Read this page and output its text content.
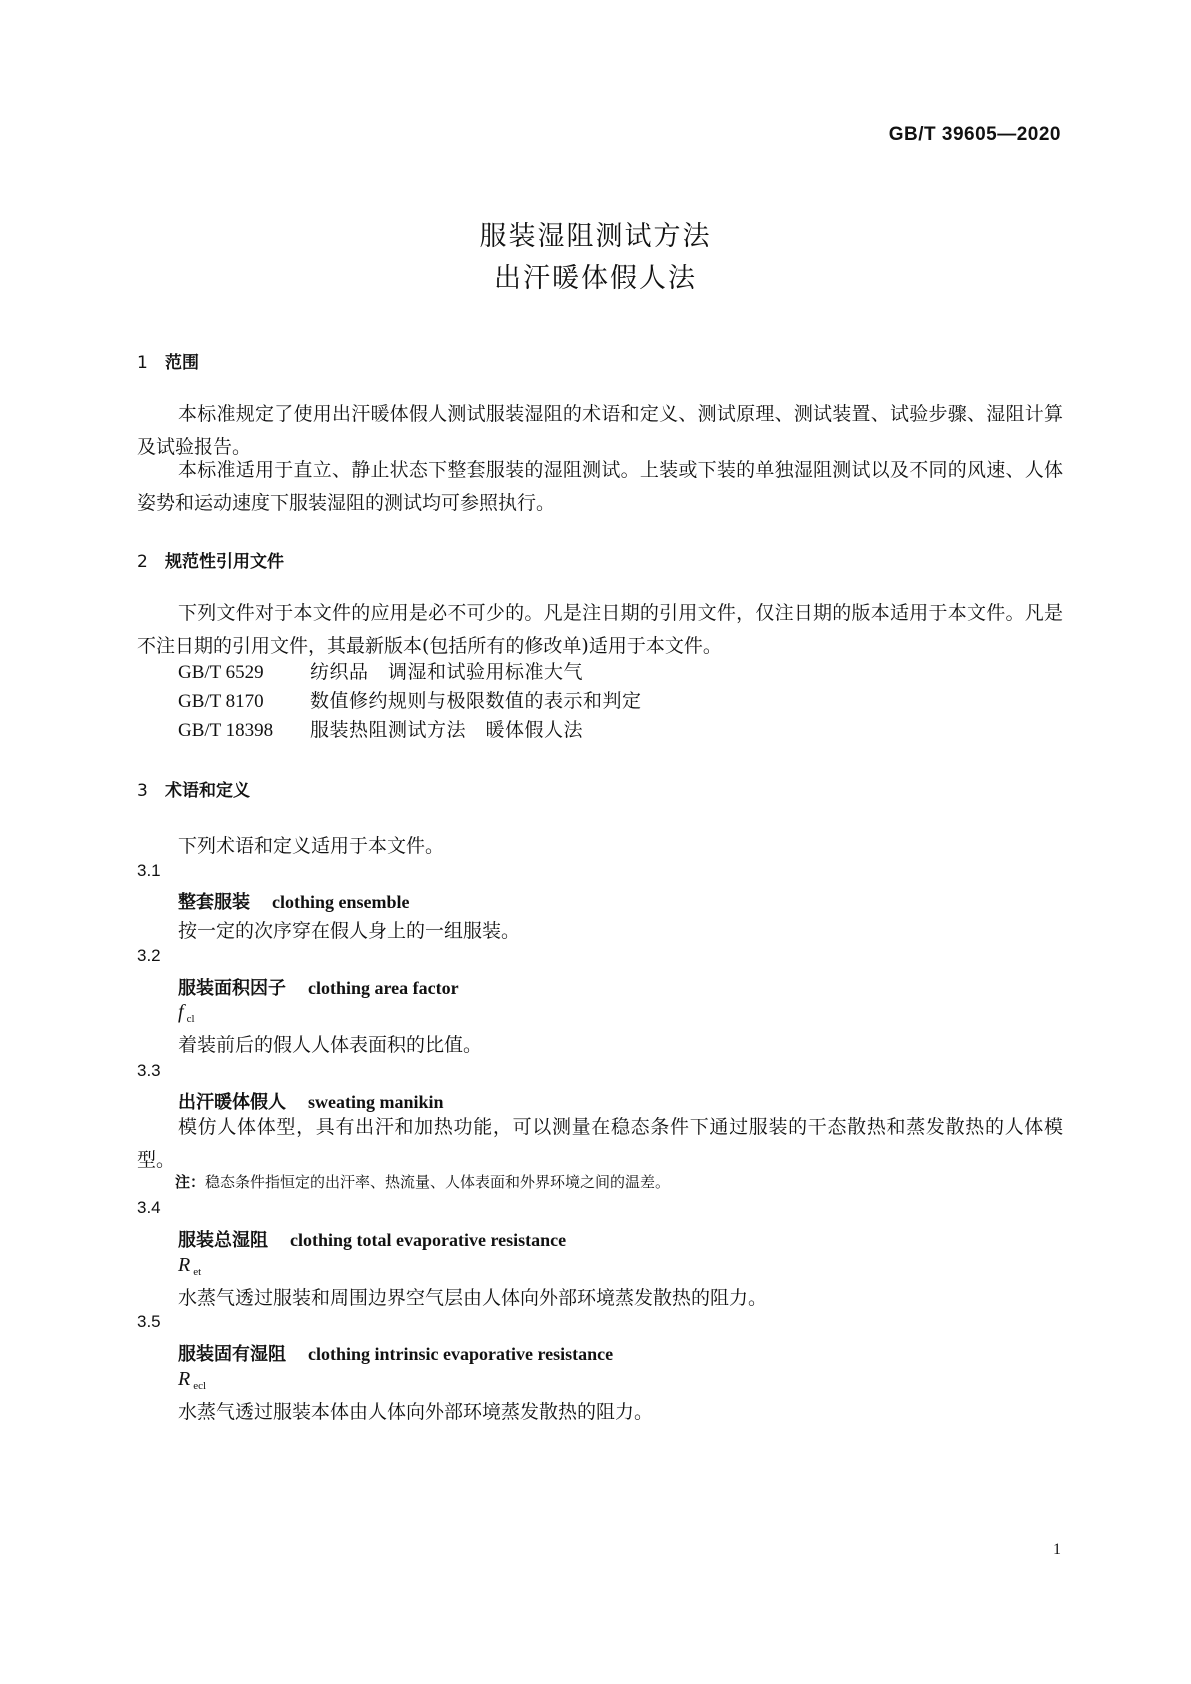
GB/T 39605—2020
服装湿阻测试方法
出汗暖体假人法
1 范围
本标准规定了使用出汗暖体假人测试服装湿阻的术语和定义、测试原理、测试装置、试验步骤、湿阻计算及试验报告。
本标准适用于直立、静止状态下整套服装的湿阻测试。上装或下装的单独湿阻测试以及不同的风速、人体姿势和运动速度下服装湿阻的测试均可参照执行。
2 规范性引用文件
下列文件对于本文件的应用是必不可少的。凡是注日期的引用文件，仅注日期的版本适用于本文件。凡是不注日期的引用文件，其最新版本(包括所有的修改单)适用于本文件。
GB/T 6529 纺织品　调湿和试验用标准大气
GB/T 8170 数值修约规则与极限数值的表示和判定
GB/T 18398 服装热阻测试方法　暖体假人法
3 术语和定义
下列术语和定义适用于本文件。
3.1
整套服装 clothing ensemble
按一定的次序穿在假人身上的一组服装。
3.2
服装面积因子 clothing area factor
f $_{cl}$
着装前后的假人人体表面积的比值。
3.3
出汗暖体假人 sweating manikin
模仿人体体型，具有出汗和加热功能，可以测量在稳态条件下通过服装的干态散热和蒸发散热的人体模型。
注：稳态条件指恒定的出汗率、热流量、人体表面和外界环境之间的温差。
3.4
服装总湿阻 clothing total evaporative resistance
R $_{et}$
水蒸气透过服装和周围边界空气层由人体向外部环境蒸发散热的阻力。
3.5
服装固有湿阻 clothing intrinsic evaporative resistance
R $_{ecl}$
水蒸气透过服装本体由人体向外部环境蒸发散热的阻力。
1
